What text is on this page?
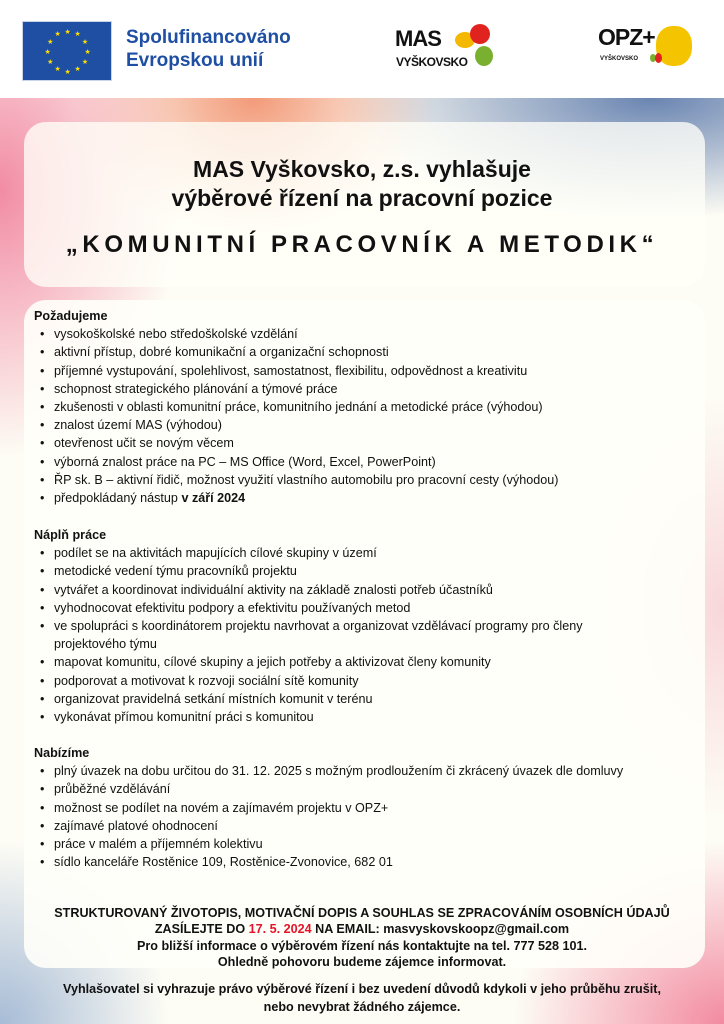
★ ★
★
★
★
★
★
★
★
★
★
★	Spolufinancováno
Evropskou unií
MAS
VYŠKOVSKO
OPZ+
VYŠKOVSKO
MAS Vyškovsko, z.s. vyhlašuje
výběrové řízení na pracovní pozice
„KOMUNITNÍ PRACOVNÍK A METODIK“
Požadujeme
• vysokoškolské nebo středoškolské vzdělání
• aktivní přístup, dobré komunikační a organizační schopnosti
• příjemné vystupování, spolehlivost, samostatnost, flexibilitu, odpovědnost a kreativitu
• schopnost strategického plánování a týmové práce
• zkušenosti v oblasti komunitní práce, komunitního jednání a metodické práce (výhodou)
• znalost území MAS (výhodou)
• otevřenost učit se novým věcem
• výborná znalost práce na PC – MS Office (Word, Excel, PowerPoint)
• ŘP sk. B – aktivní řidič, možnost využití vlastního automobilu pro pracovní cesty (výhodou)
• předpokládaný nástup v září 2024
Náplň práce
• podílet se na aktivitách mapujících cílové skupiny v území
• metodické vedení týmu pracovníků projektu
• vytvářet a koordinovat individuální aktivity na základě znalosti potřeb účastníků
• vyhodnocovat efektivitu podpory a efektivitu používaných metod
• ve spolupráci s koordinátorem projektu navrhovat a organizovat vzdělávací programy pro členy projektového týmu
• mapovat komunitu, cílové skupiny a jejich potřeby a aktivizovat členy komunity
• podporovat a motivovat k rozvoji sociální sítě komunity
• organizovat pravidelná setkání místních komunit v terénu
• vykonávat přímou komunitní práci s komunitou
Nabízíme
• plný úvazek na dobu určitou do 31. 12. 2025 s možným prodloužením či zkrácený úvazek dle domluvy
• průběžné vzdělávání
• možnost se podílet na novém a zajímavém projektu v OPZ+
• zajímavé platové ohodnocení
• práce v malém a příjemném kolektivu
• sídlo kanceláře Rostěnice 109, Rostěnice-Zvonovice, 682 01
STRUKTUROVANÝ ŽIVOTOPIS, MOTIVAČNÍ DOPIS A SOUHLAS SE ZPRACOVÁNÍM OSOBNÍCH ÚDAJŮ
ZASÍLEJTE DO 17. 5. 2024 NA EMAIL: masvyskovskoopz@gmail.com
Pro bližší informace o výběrovém řízení nás kontaktujte na tel. 777 528 101.
Ohledně pohovoru budeme zájemce informovat.
Vyhlašovatel si vyhrazuje právo výběrové řízení i bez uvedení důvodů kdykoli v jeho průběhu zrušit,
nebo nevybrat žádného zájemce.
